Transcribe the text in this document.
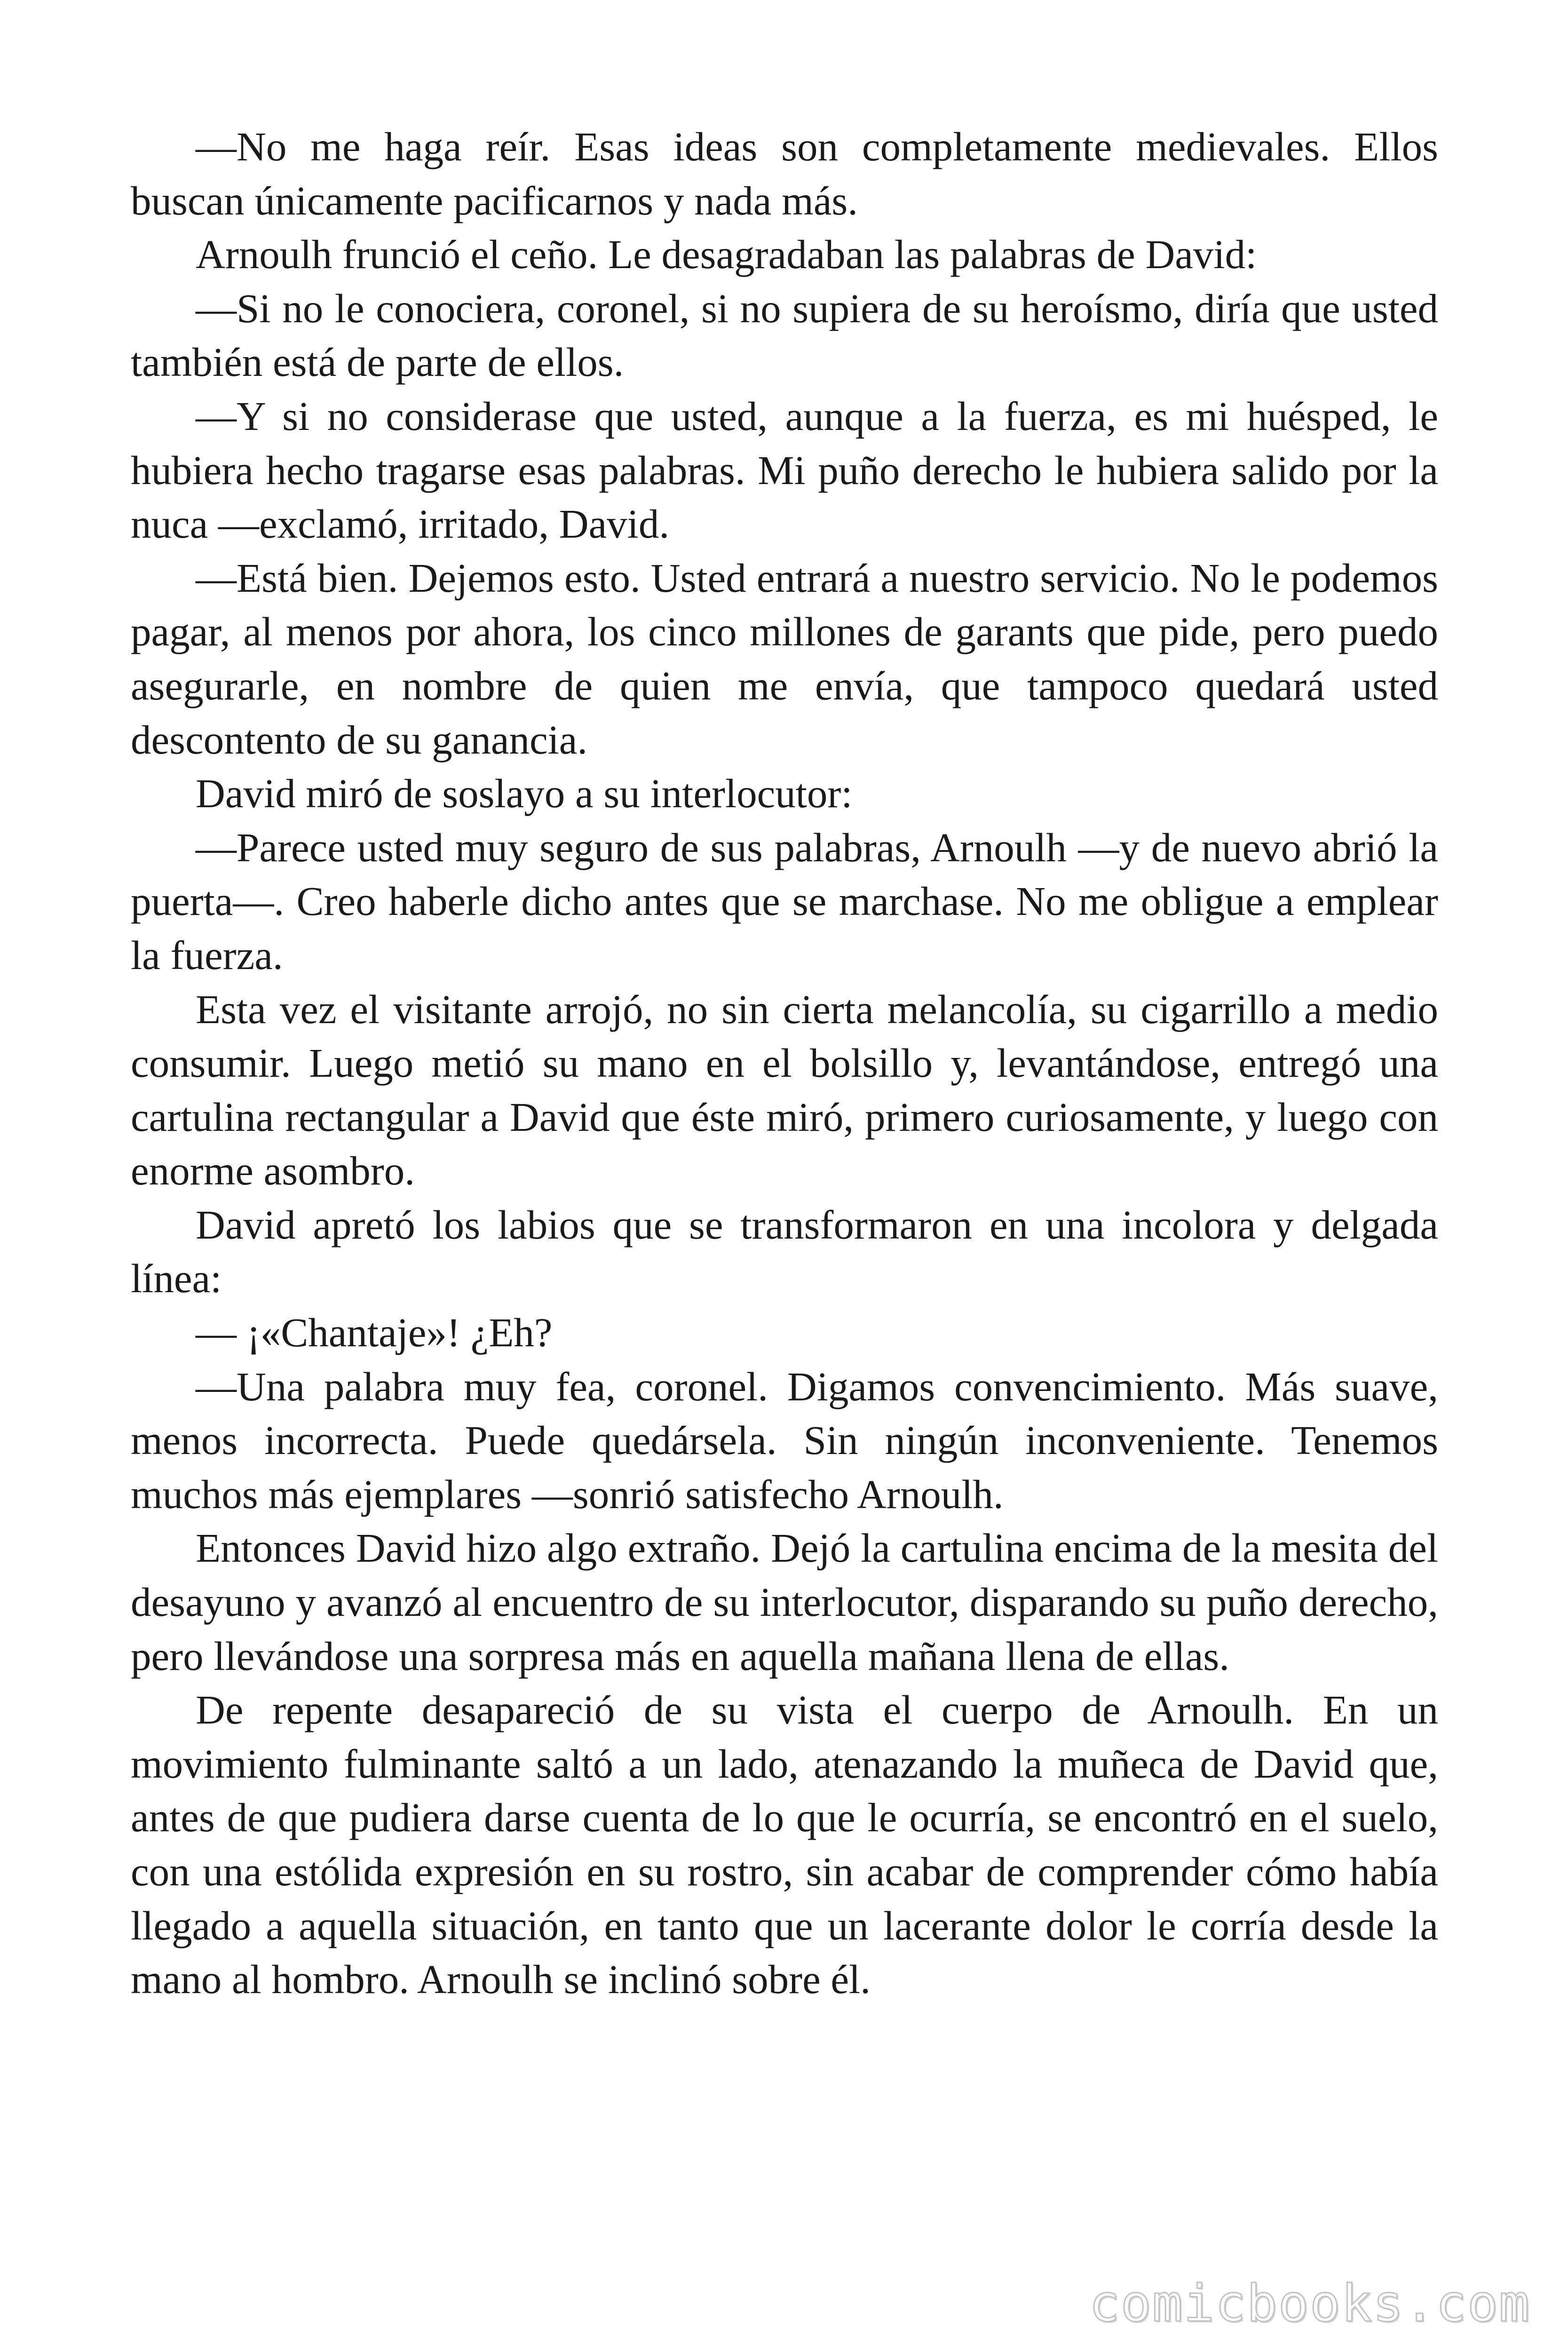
—No me haga reír. Esas ideas son completamente medievales. Ellos buscan únicamente pacificarnos y nada más.

Arnoulh frunció el ceño. Le desagradaban las palabras de David:

—Si no le conociera, coronel, si no supiera de su heroísmo, diría que usted también está de parte de ellos.

—Y si no considerase que usted, aunque a la fuerza, es mi huésped, le hubiera hecho tragarse esas palabras. Mi puño derecho le hubiera salido por la nuca —exclamó, irritado, David.

—Está bien. Dejemos esto. Usted entrará a nuestro servicio. No le podemos pagar, al menos por ahora, los cinco millones de garants que pide, pero puedo asegurarle, en nombre de quien me envía, que tampoco quedará usted descontento de su ganancia.

David miró de soslayo a su interlocutor:

—Parece usted muy seguro de sus palabras, Arnoulh —y de nuevo abrió la puerta—. Creo haberle dicho antes que se marchase. No me obligue a emplear la fuerza.

Esta vez el visitante arrojó, no sin cierta melancolía, su cigarrillo a medio consumir. Luego metió su mano en el bolsillo y, levantándose, entregó una cartulina rectangular a David que éste miró, primero curiosamente, y luego con enorme asombro.

David apretó los labios que se transformaron en una incolora y delgada línea:

— ¡«Chantaje»! ¿Eh?

—Una palabra muy fea, coronel. Digamos convencimiento. Más suave, menos incorrecta. Puede quedársela. Sin ningún inconveniente. Tenemos muchos más ejemplares —sonrió satisfecho Arnoulh.

Entonces David hizo algo extraño. Dejó la cartulina encima de la mesita del desayuno y avanzó al encuentro de su interlocutor, disparando su puño derecho, pero llevándose una sorpresa más en aquella mañana llena de ellas.

De repente desapareció de su vista el cuerpo de Arnoulh. En un movimiento fulminante saltó a un lado, atenazando la muñeca de David que, antes de que pudiera darse cuenta de lo que le ocurría, se encontró en el suelo, con una estólida expresión en su rostro, sin acabar de comprender cómo había llegado a aquella situación, en tanto que un lacerante dolor le corría desde la mano al hombro. Arnoulh se inclinó sobre él.

comicbooks.com
